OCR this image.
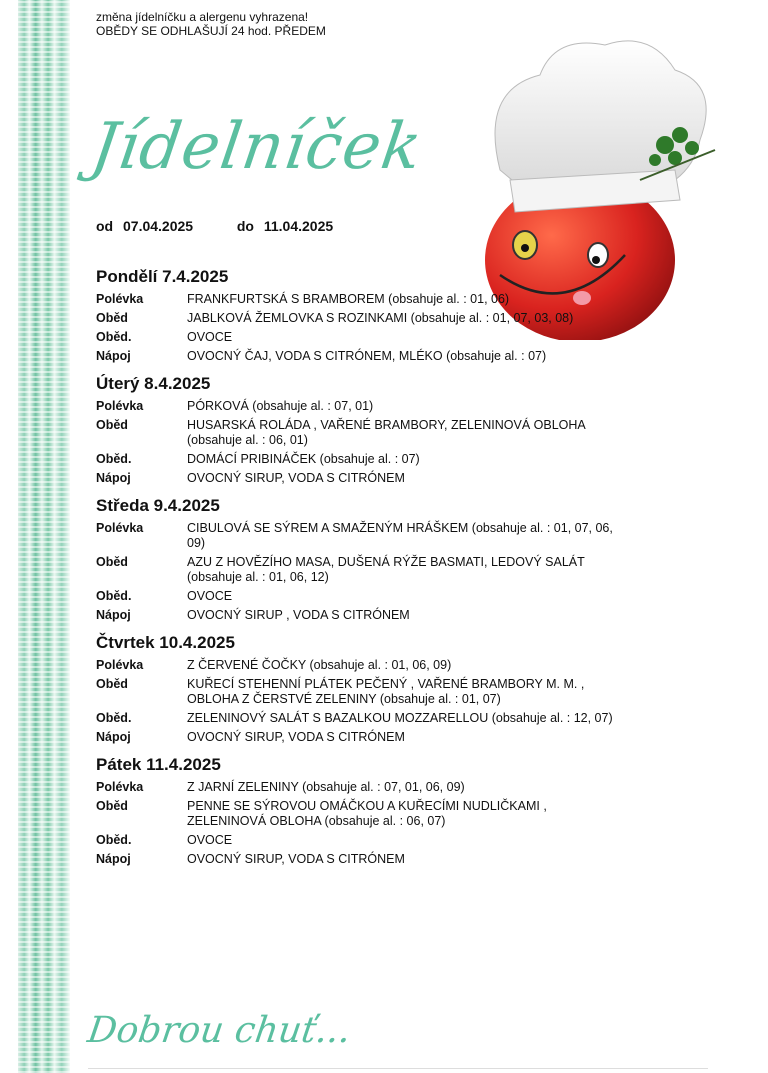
změna jídelníčku a alergenu vyhrazena!
OBĚDY SE ODHLAŠUJÍ 24 hod. PŘEDEM
Jídelníček
od 07.04.2025	do 11.04.2025
Pondělí 7.4.2025
Polévka	FRANKFURTSKÁ S BRAMBOREM (obsahuje al. : 01, 06)
Oběd	JABLKOVÁ ŽEMLOVKA S ROZINKAMI (obsahuje al. : 01, 07, 03, 08)
Oběd.	OVOCE
Nápoj	OVOCNÝ ČAJ, VODA S CITRÓNEM, MLÉKO (obsahuje al. : 07)
Úterý 8.4.2025
Polévka	PÓRKOVÁ (obsahuje al. : 07, 01)
Oběd	HUSARSKÁ ROLÁDA , VAŘENÉ BRAMBORY, ZELENINOVÁ OBLOHA (obsahuje al. : 06, 01)
Oběd.	DOMÁCÍ PRIBINÁČEK (obsahuje al. : 07)
Nápoj	OVOCNÝ SIRUP, VODA S CITRÓNEM
Středa 9.4.2025
Polévka	CIBULOVÁ SE SÝREM A SMAŽENÝM HRÁŠKEM (obsahuje al. : 01, 07, 06, 09)
Oběd	AZU Z HOVĚZÍHO MASA, DUŠENÁ RÝŽE BASMATI, LEDOVÝ SALÁT (obsahuje al. : 01, 06, 12)
Oběd.	OVOCE
Nápoj	OVOCNÝ SIRUP , VODA S CITRÓNEM
Čtvrtek 10.4.2025
Polévka	Z ČERVENÉ ČOČKY (obsahuje al. : 01, 06, 09)
Oběd	KUŘECÍ STEHENNÍ PLÁTEK PEČENÝ , VAŘENÉ BRAMBORY M. M. , OBLOHA Z ČERSTVÉ ZELENINY (obsahuje al. : 01, 07)
Oběd.	ZELENINOVÝ SALÁT S BAZALKOU MOZZARELLOU (obsahuje al. : 12, 07)
Nápoj	OVOCNÝ SIRUP, VODA S CITRÓNEM
Pátek 11.4.2025
Polévka	Z JARNÍ ZELENINY (obsahuje al. : 07, 01, 06, 09)
Oběd	PENNE SE SÝROVOU OMÁČKOU A KUŘECÍMI NUDLIČKAMI , ZELENINOVÁ OBLOHA (obsahuje al. : 06, 07)
Oběd.	OVOCE
Nápoj	OVOCNÝ SIRUP, VODA S CITRÓNEM
Dobrou chuť...
